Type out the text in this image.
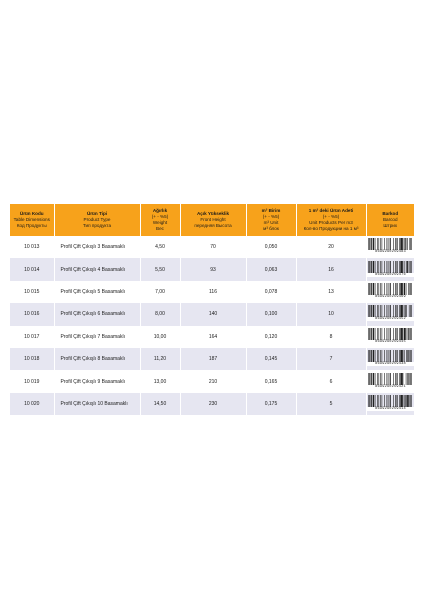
Ürün Kodu
Table Dimensions
Код Продукты	Ürün Tipi
Product Type
Тип продукта	Ağırlık
(+ - %5)
Weight
Вес	Açık Yükseklik
Front Height
передняя Высота	m³ Birim
(+ - %5)
m³ Unit
м³ блок	1 m³ deki Ürün Adeti
(+ - %5)
Unit Products Per m3
Кол-во Продукции на 1 м³	Barkod
Barcod
Штрих

10 013	Profil Çift Çıkışlı 3 Basamaklı	4,50	70	0,050	20	8699290259483

10 014	Profil Çift Çıkışlı 4 Basamaklı	5,50	93	0,063	16	8699290259476

10 015	Profil Çift Çıkışlı 5 Basamaklı	7,00	116	0,078	13	8699290259469

10 016	Profil Çift Çıkışlı 6 Basamaklı	8,00	140	0,100	10	8699290259452

10 017	Profil Çift Çıkışlı 7 Basamaklı	10,00	164	0,120	8	8699290259445

10 018	Profil Çift Çıkışlı 8 Basamaklı	11,20	187	0,145	7	8699290259438

10 019	Profil Çift Çıkışlı 9 Basamaklı	13,00	210	0,165	6	8699290259421

10 020	Profil Çift Çıkışlı 10 Basamaklı	14,50	230	0,175	5	8699290259414
